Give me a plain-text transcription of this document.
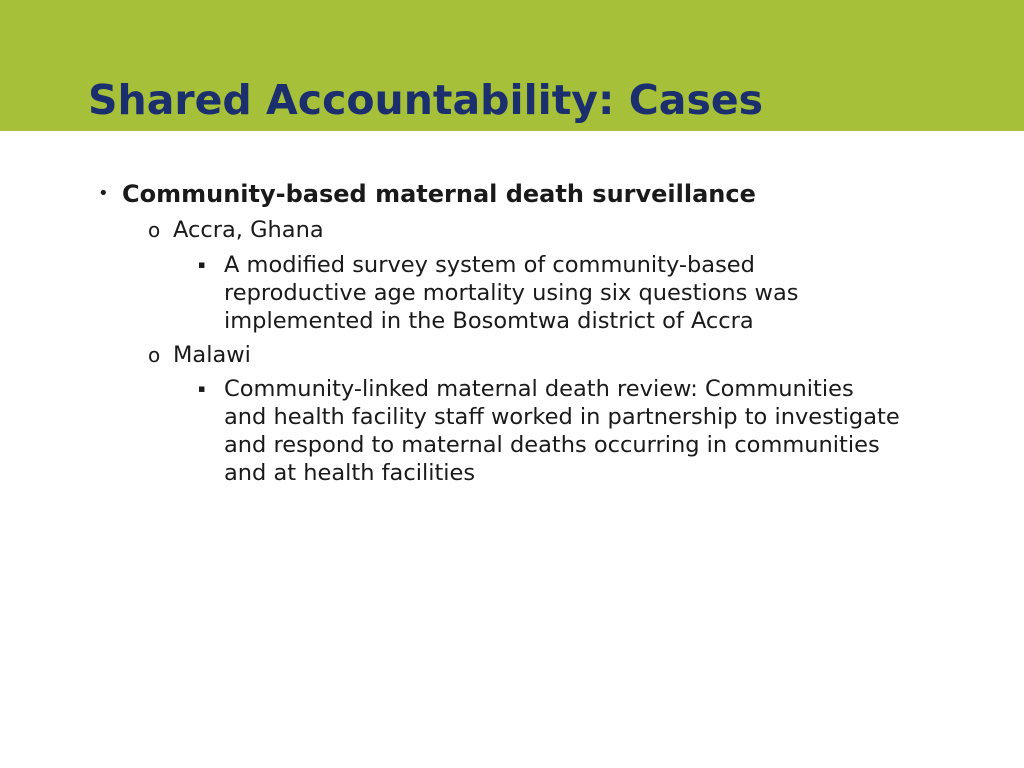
Shared Accountability: Cases
• Community-based maternal death surveillance
o Accra, Ghana
▪ A modified survey system of community-based
reproductive age mortality using six questions was
implemented in the Bosomtwa district of Accra
o Malawi
▪ Community-linked maternal death review: Communities
and health facility staff worked in partnership to investigate
and respond to maternal deaths occurring in communities
and at health facilities
